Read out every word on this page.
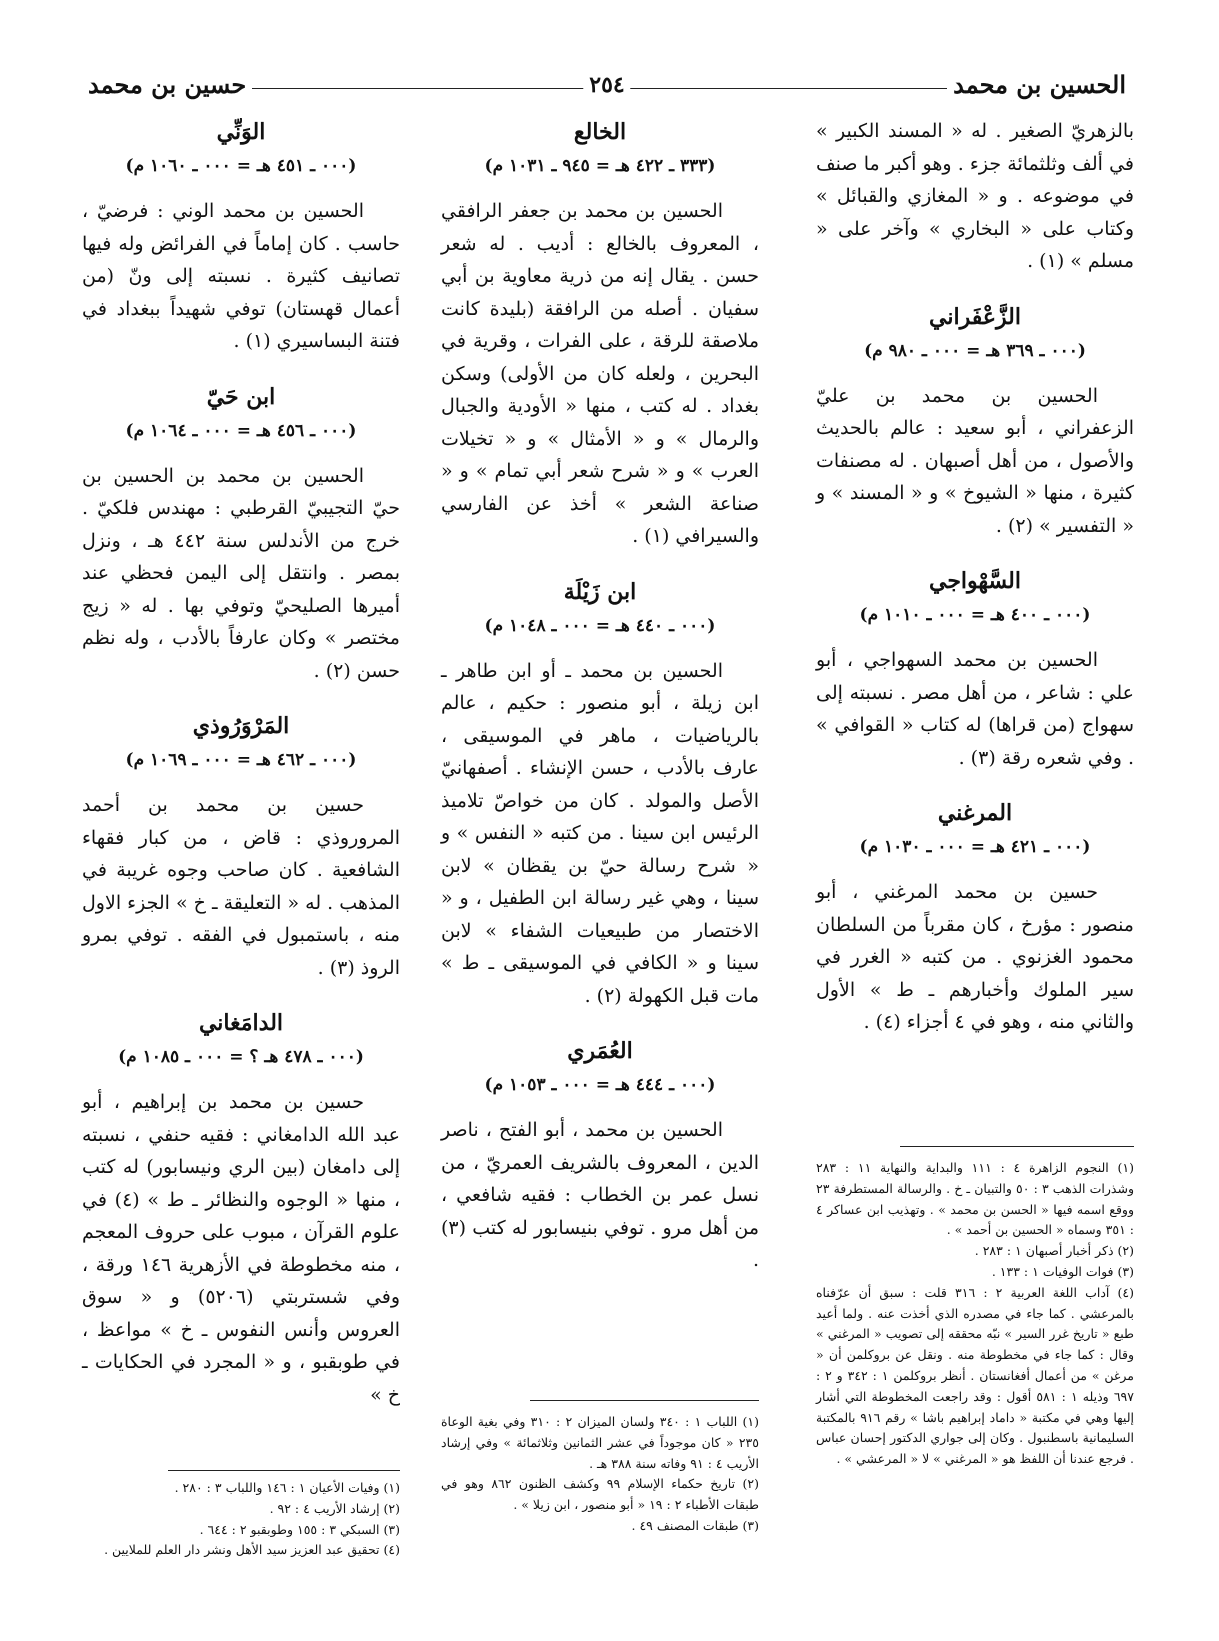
الحسين بن محمد
٢٥٤
حسين بن محمد

بالزهريّ الصغير . له « المسند الكبير » في ألف وثلثمائة جزء . وهو أكبر ما صنف في موضوعه . و « المغازي والقبائل » وكتاب على « البخاري » وآخر على « مسلم » (١) .

الزَّعْفَراني
(٠٠٠ ـ ٣٦٩ هـ = ٠٠٠ ـ ٩٨٠ م)

الحسين بن محمد بن عليّ الزعفراني ، أبو سعيد : عالم بالحديث والأصول ، من أهل أصبهان . له مصنفات كثيرة ، منها « الشيوخ » و « المسند » و « التفسير » (٢) .

السَّهْواجي
(٠٠٠ ـ ٤٠٠ هـ = ٠٠٠ ـ ١٠١٠ م)

الحسين بن محمد السهواجي ، أبو علي : شاعر ، من أهل مصر . نسبته إلى سهواج (من قراها) له كتاب « القوافي » . وفي شعره رقة (٣) .

المرغني
(٠٠٠ ـ ٤٢١ هـ = ٠٠٠ ـ ١٠٣٠ م)

حسين بن محمد المرغني ، أبو منصور : مؤرخ ، كان مقرباً من السلطان محمود الغزنوي . من كتبه « الغرر في سير الملوك وأخبارهم ـ ط » الأول والثاني منه ، وهو في ٤ أجزاء (٤) .

الخالع
(٣٣٣ ـ ٤٢٢ هـ = ٩٤٥ ـ ١٠٣١ م)

الحسين بن محمد بن جعفر الرافقي ، المعروف بالخالع : أديب . له شعر حسن . يقال إنه من ذرية معاوية بن أبي سفيان . أصله من الرافقة (بليدة كانت ملاصقة للرقة ، على الفرات ، وقرية في البحرين ، ولعله كان من الأولى) وسكن بغداد . له كتب ، منها « الأودية والجبال والرمال » و « الأمثال » و « تخيلات العرب » و « شرح شعر أبي تمام » و « صناعة الشعر » أخذ عن الفارسي والسيرافي (١) .

ابن زَيْلَة
(٠٠٠ ـ ٤٤٠ هـ = ٠٠٠ ـ ١٠٤٨ م)

الحسين بن محمد ـ أو ابن طاهر ـ ابن زيلة ، أبو منصور : حكيم ، عالم بالرياضيات ، ماهر في الموسيقى ، عارف بالأدب ، حسن الإنشاء . أصفهانيّ الأصل والمولد . كان من خواصّ تلاميذ الرئيس ابن سينا . من كتبه « النفس » و « شرح رسالة حيّ بن يقظان » لابن سينا ، وهي غير رسالة ابن الطفيل ، و « الاختصار من طبيعيات الشفاء » لابن سينا و « الكافي في الموسيقى ـ ط » مات قبل الكهولة (٢) .

العُمَري
(٠٠٠ ـ ٤٤٤ هـ = ٠٠٠ ـ ١٠٥٣ م)

الحسين بن محمد ، أبو الفتح ، ناصر الدين ، المعروف بالشريف العمريّ ، من نسل عمر بن الخطاب : فقيه شافعي ، من أهل مرو . توفي بنيسابور له كتب (٣) .

الوَنِّي
(٠٠٠ ـ ٤٥١ هـ = ٠٠٠ ـ ١٠٦٠ م)

الحسين بن محمد الوني : فرضيّ ، حاسب . كان إماماً في الفرائض وله فيها تصانيف كثيرة . نسبته إلى ونّ (من أعمال قهستان) توفي شهيداً ببغداد في فتنة البساسيري (١) .

ابن حَيّ
(٠٠٠ ـ ٤٥٦ هـ = ٠٠٠ ـ ١٠٦٤ م)

الحسين بن محمد بن الحسين بن حيّ التجيبيّ القرطبي : مهندس فلكيّ . خرج من الأندلس سنة ٤٤٢ هـ ، ونزل بمصر . وانتقل إلى اليمن فحظي عند أميرها الصليحيّ وتوفي بها . له « زيج مختصر » وكان عارفاً بالأدب ، وله نظم حسن (٢) .

المَرْوَرُوذي
(٠٠٠ ـ ٤٦٢ هـ = ٠٠٠ ـ ١٠٦٩ م)

حسين بن محمد بن أحمد المروروذي : قاض ، من كبار فقهاء الشافعية . كان صاحب وجوه غريبة في المذهب . له « التعليقة ـ خ » الجزء الاول منه ، باستمبول في الفقه . توفي بمرو الروذ (٣) .

الدامَغاني
(٠٠٠ ـ ٤٧٨ هـ ؟ = ٠٠٠ ـ ١٠٨٥ م)

حسين بن محمد بن إبراهيم ، أبو عبد الله الدامغاني : فقيه حنفي ، نسبته إلى دامغان (بين الري ونيسابور) له كتب ، منها « الوجوه والنظائر ـ ط » (٤) في علوم القرآن ، مبوب على حروف المعجم ، منه مخطوطة في الأزهرية ١٤٦ ورقة ، وفي شستربتي (٥٢٠٦) و « سوق العروس وأنس النفوس ـ خ » مواعظ ، في طوبقبو ، و « المجرد في الحكايات ـ خ »

(١) النجوم الزاهرة ٤ : ١١١ والبداية والنهاية ١١ : ٢٨٣ وشذرات الذهب ٣ : ٥٠ والتبيان ـ خ . والرسالة المستطرفة ٢٣ ووقع اسمه فيها « الحسن بن محمد » . وتهذيب ابن عساكر ٤ : ٣٥١ وسماه « الحسين بن أحمد » .

(٢) ذكر أخبار أصبهان ١ : ٢٨٣ .

(٣) فوات الوفيات ١ : ١٣٣ .

(٤) آداب اللغة العربية ٢ : ٣١٦ قلت : سبق أن عرّفناه بالمرعشي . كما جاء في مصدره الذي أخذت عنه . ولما أعيد طبع « تاريخ غرر السير » نبّه محققه إلى تصويب « المرغني » وقال : كما جاء في مخطوطة منه . ونقل عن بروكلمن أن « مرغن » من أعمال أفغانستان . أنظر بروكلمن ١ : ٣٤٢ و ٢ : ٦٩٧ وذيله ١ : ٥٨١ أقول : وقد راجعت المخطوطة التي أشار إليها وهي في مكتبة « داماد إبراهيم باشا » رقم ٩١٦ بالمكتبة السليمانية باسطنبول . وكان إلى جواري الدكتور إحسان عباس . فرجع عندنا أن اللفظ هو « المرغني » لا « المرعشي » .

(١) اللباب ١ : ٣٤٠ ولسان الميزان ٢ : ٣١٠ وفي بغية الوعاة ٢٣٥ « كان موجوداً في عشر الثمانين وثلاثمائة » وفي إرشاد الأريب ٤ : ٩١ وفاته سنة ٣٨٨ هـ .

(٢) تاريخ حكماء الإسلام ٩٩ وكشف الظنون ٨٦٢ وهو في طبقات الأطباء ٢ : ١٩ « أبو منصور ، ابن زيلا » .

(٣) طبقات المصنف ٤٩ .

(١) وفيات الأعيان ١ : ١٤٦ واللباب ٣ : ٢٨٠ .

(٢) إرشاد الأريب ٤ : ٩٢ .

(٣) السبكي ٣ : ١٥٥ وطوبقبو ٢ : ٦٤٤ .

(٤) تحقيق عبد العزيز سيد الأهل ونشر دار العلم للملايين .
